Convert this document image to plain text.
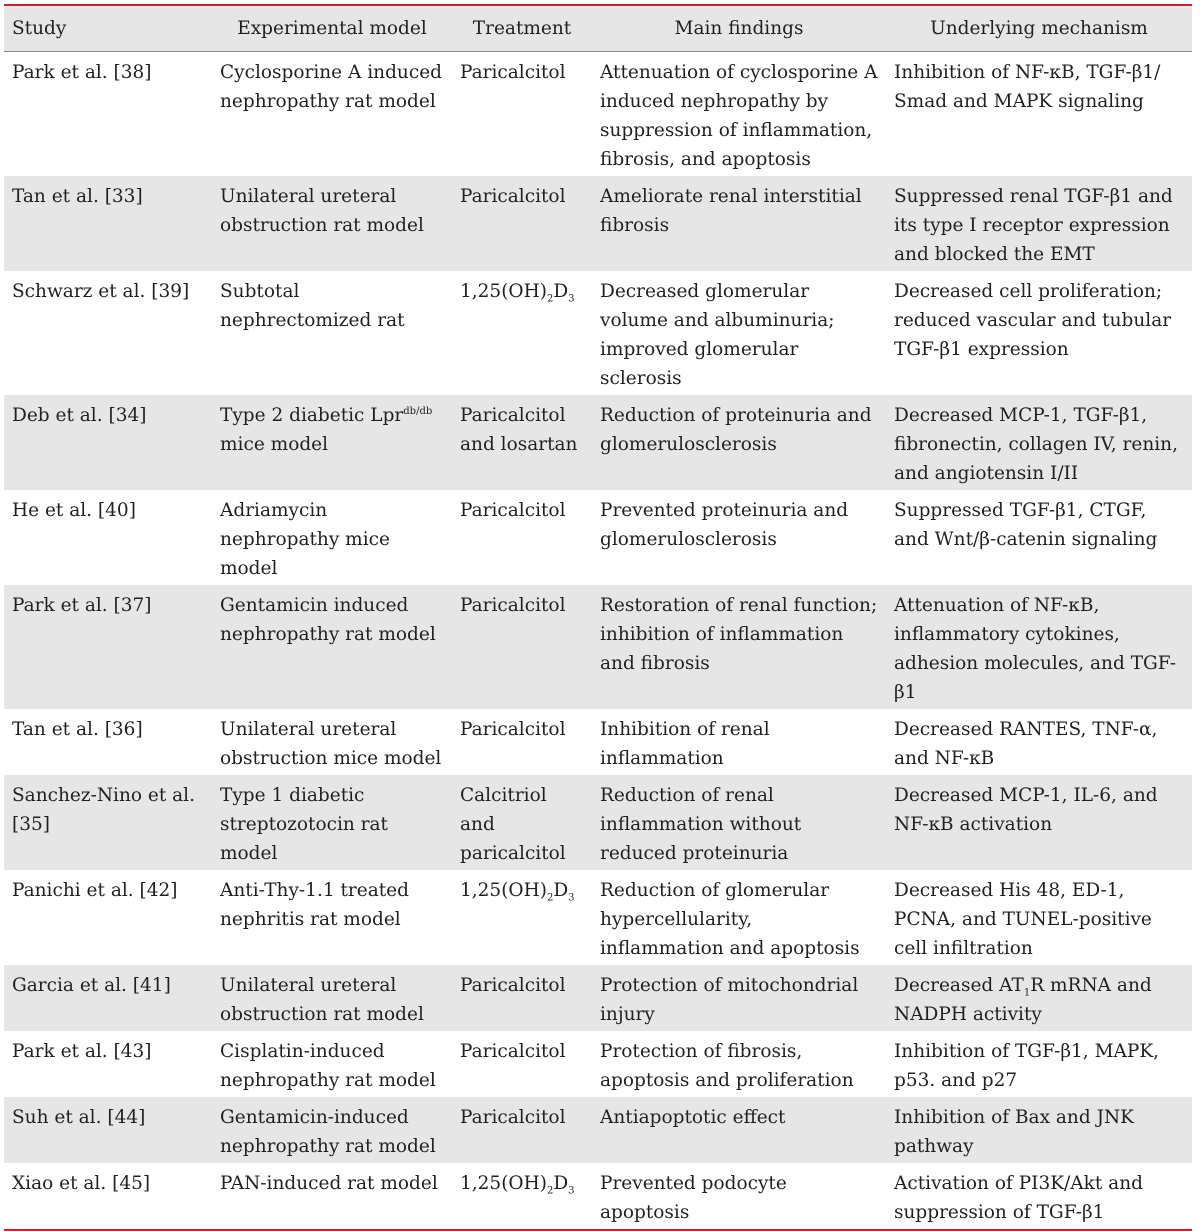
Study	Experimental model	Treatment	Main findings	Underlying mechanism
Park et al. [38]	Cyclosporine A induced nephropathy rat model	Paricalcitol	Attenuation of cyclosporine A induced nephropathy by suppression of inflammation, fibrosis, and apoptosis	Inhibition of NF-κB, TGF-β1/ Smad and MAPK signaling
Tan et al. [33]	Unilateral ureteral obstruction rat model	Paricalcitol	Ameliorate renal interstitial fibrosis	Suppressed renal TGF-β1 and its type I receptor expression and blocked the EMT
Schwarz et al. [39]	Subtotal nephrectomized rat	$1,25(OH)_2D_3$	Decreased glomerular volume and albuminuria; improved glomerular sclerosis	Decreased cell proliferation; reduced vascular and tubular TGF-β1 expression
Deb et al. [34]	Type 2 diabetic Lpr$^{db/db}$ mice model	Paricalcitol and losartan	Reduction of proteinuria and glomerulosclerosis	Decreased MCP-1, TGF-β1, fibronectin, collagen IV, renin, and angiotensin I/II
He et al. [40]	Adriamycin nephropathy mice model	Paricalcitol	Prevented proteinuria and glomerulosclerosis	Suppressed TGF-β1, CTGF, and Wnt/β-catenin signaling
Park et al. [37]	Gentamicin induced nephropathy rat model	Paricalcitol	Restoration of renal function; inhibition of inflammation and fibrosis	Attenuation of NF-κB, inflammatory cytokines, adhesion molecules, and TGF-β1
Tan et al. [36]	Unilateral ureteral obstruction mice model	Paricalcitol	Inhibition of renal inflammation	Decreased RANTES, TNF-α, and NF-κB
Sanchez-Nino et al. [35]	Type 1 diabetic streptozotocin rat model	Calcitriol and paricalcitol	Reduction of renal inflammation without reduced proteinuria	Decreased MCP-1, IL-6, and NF-κB activation
Panichi et al. [42]	Anti-Thy-1.1 treated nephritis rat model	$1,25(OH)_2D_3$	Reduction of glomerular hypercellularity, inflammation and apoptosis	Decreased His 48, ED-1, PCNA, and TUNEL-positive cell infiltration
Garcia et al. [41]	Unilateral ureteral obstruction rat model	Paricalcitol	Protection of mitochondrial injury	Decreased $AT_1R$ mRNA and NADPH activity
Park et al. [43]	Cisplatin-induced nephropathy rat model	Paricalcitol	Protection of fibrosis, apoptosis and proliferation	Inhibition of TGF-β1, MAPK, p53. and p27
Suh et al. [44]	Gentamicin-induced nephropathy rat model	Paricalcitol	Antiapoptotic effect	Inhibition of Bax and JNK pathway
Xiao et al. [45]	PAN-induced rat model	$1,25(OH)_2D_3$	Prevented podocyte apoptosis	Activation of PI3K/Akt and suppression of TGF-β1
